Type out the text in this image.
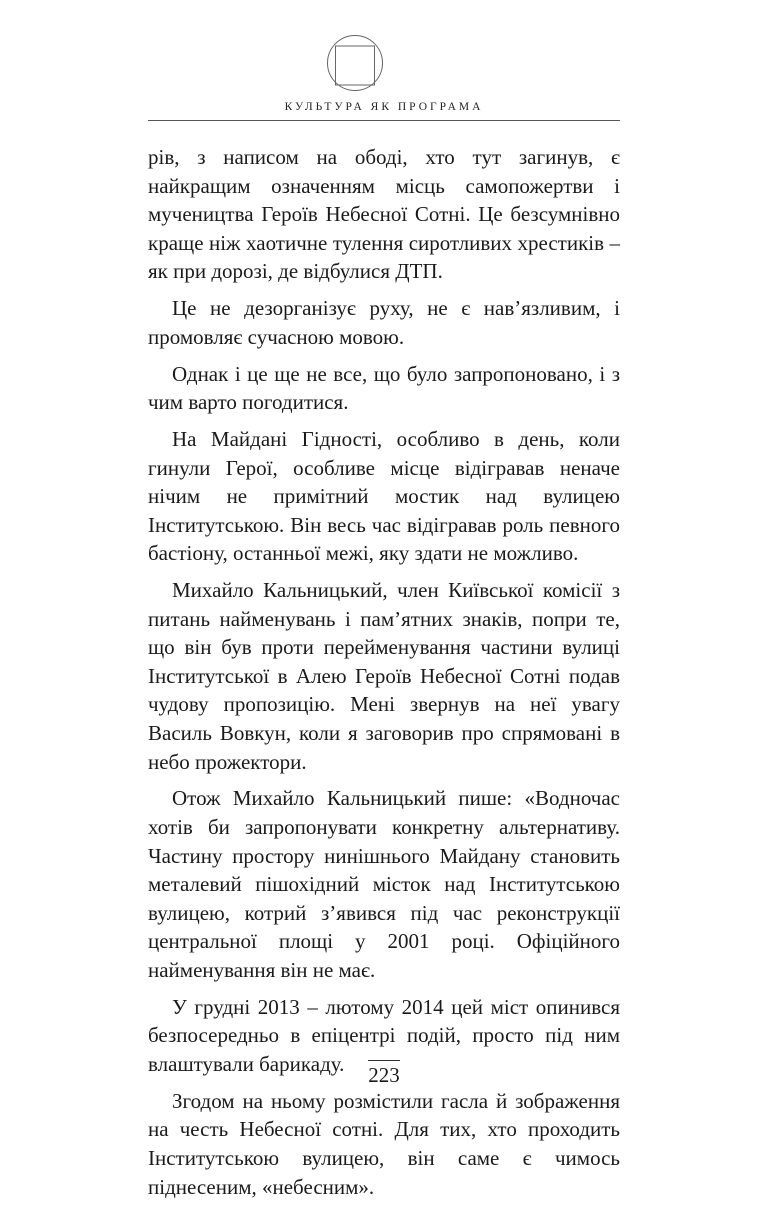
КУЛЬТУРА ЯК ПРОГРАМА

рів, з написом на ободі, хто тут загинув, є найкращим означенням місць самопожертви і мучеництва Героїв Небесної Сотні. Це безсумнівно краще ніж хаотичне тулення сиротливих хрестиків – як при дорозі, де відбулися ДТП.

Це не дезорганізує руху, не є нав’язливим, і промовляє сучасною мовою.

Однак і це ще не все, що було запропоновано, і з чим варто погодитися.

На Майдані Гідності, особливо в день, коли гинули Герої, особливе місце відігравав неначе нічим не примітний мостик над вулицею Інститутською. Він весь час відігравав роль певного бастіону, останньої межі, яку здати не можливо.

Михайло Кальницький, член Київської комісії з питань найменувань і пам’ятних знаків, попри те, що він був проти перейменування частини вулиці Інститутської в Алею Героїв Небесної Сотні подав чудову пропозицію. Мені звернув на неї увагу Василь Вовкун, коли я заговорив про спрямовані в небо прожектори.

Отож Михайло Кальницький пише: «Водночас хотів би запропонувати конкретну альтернативу. Частину простору нинішнього Майдану становить металевий пішохідний місток над Інститутською вулицею, котрий з’явився під час реконструкції центральної площі у 2001 році. Офіційного найменування він не має.

У грудні 2013 – лютому 2014 цей міст опинився безпосередньо в епіцентрі подій, просто під ним влаштували барикаду.

Згодом на ньому розмістили гасла й зображення на честь Небесної сотні. Для тих, хто проходить Інститутською вулицею, він саме є чимось піднесеним, «небесним».

223
